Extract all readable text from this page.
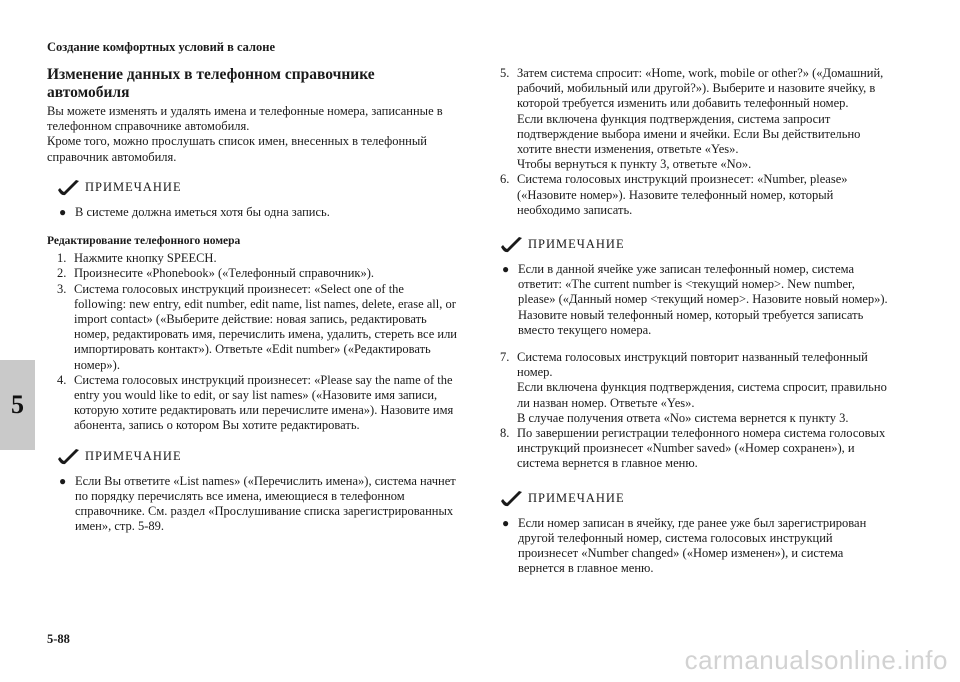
Создание комфортных условий в салоне
5
Изменение данных в телефонном справочнике автомобиля
Вы можете изменять и удалять имена и телефонные номера, записанные в телефонном справочнике автомобиля.
Кроме того, можно прослушать список имен, внесенных в телефонный справочник автомобиля.
ПРИМЕЧАНИЕ
● В системе должна иметься хотя бы одна запись.
Редактирование телефонного номера
1. Нажмите кнопку SPEECH.
2. Произнесите «Phonebook» («Телефонный справочник»).
3. Система голосовых инструкций произнесет: «Select one of the following: new entry, edit number, edit name, list names, delete, erase all, or import contact» («Выберите действие: новая запись, редактировать номер, редактировать имя, перечислить имена, удалить, стереть все или импортировать контакт»). Ответьте «Edit number» («Редактировать номер»).
4. Система голосовых инструкций произнесет: «Please say the name of the entry you would like to edit, or say list names» («Назовите имя записи, которую хотите редактировать или перечислите имена»). Назовите имя абонента, запись о котором Вы хотите редактировать.
ПРИМЕЧАНИЕ
● Если Вы ответите «List names» («Перечислить имена»), система начнет по порядку перечислять все имена, имеющиеся в телефонном справочнике. См. раздел «Прослушивание списка зарегистрированных имен», стр. 5-89.
5. Затем система спросит: «Home, work, mobile or other?» («Домашний, рабочий, мобильный или другой?»). Выберите и назовите ячейку, в которой требуется изменить или добавить телефонный номер.
Если включена функция подтверждения, система запросит подтверждение выбора имени и ячейки. Если Вы действительно хотите внести изменения, ответьте «Yes».
Чтобы вернуться к пункту 3, ответьте «No».
6. Система голосовых инструкций произнесет: «Number, please» («Назовите номер»). Назовите телефонный номер, который необходимо записать.
ПРИМЕЧАНИЕ
● Если в данной ячейке уже записан телефонный номер, система ответит: «The current number is <текущий номер>. New number, please» («Данный номер <текущий номер>. Назовите новый номер»). Назовите новый телефонный номер, который требуется записать вместо текущего номера.
7. Система голосовых инструкций повторит названный телефонный номер.
Если включена функция подтверждения, система спросит, правильно ли назван номер. Ответьте «Yes».
В случае получения ответа «No» система вернется к пункту 3.
8. По завершении регистрации телефонного номера система голосовых инструкций произнесет «Number saved» («Номер сохранен»), и система вернется в главное меню.
ПРИМЕЧАНИЕ
● Если номер записан в ячейку, где ранее уже был зарегистрирован другой телефонный номер, система голосовых инструкций произнесет «Number changed» («Номер изменен»), и система вернется в главное меню.
5-88
carmanualsonline.info
